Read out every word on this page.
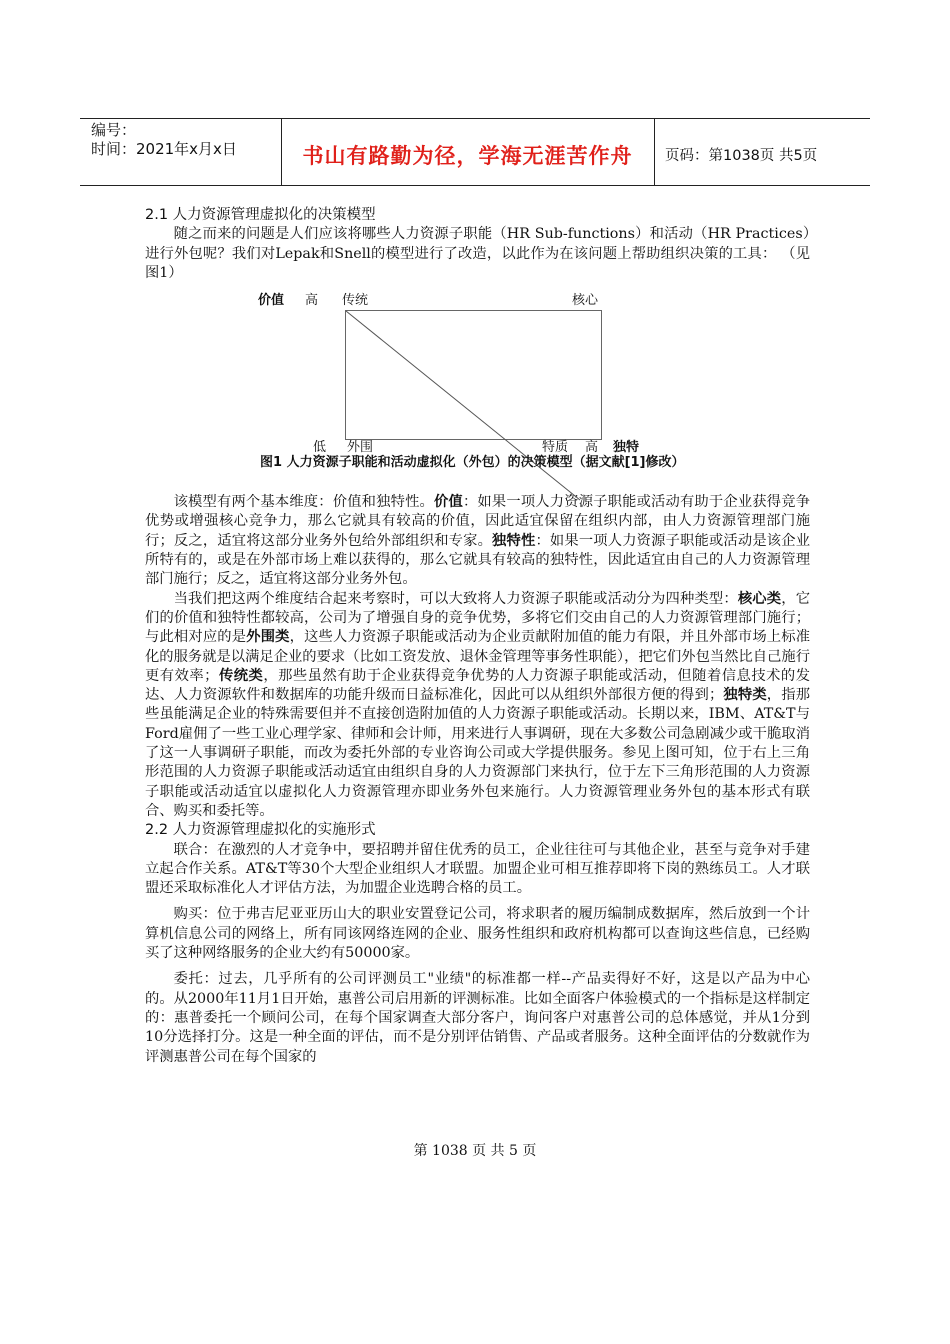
编号：
时间：2021年x月x日	书山有路勤为径，学海无涯苦作舟	页码：第1038页 共5页
2.1 人力资源管理虚拟化的决策模型

随之而来的问题是人们应该将哪些人力资源子职能（HR Sub-functions）和活动（HR Practices）进行外包呢？我们对Lepak和Snell的模型进行了改造，以此作为在该问题上帮助组织决策的工具： （见图1）

价值 高 传统	核心
低 外围	特质 高 独特
图1 人力资源子职能和活动虚拟化（外包）的决策模型（据文献[1]修改）

该模型有两个基本维度：价值和独特性。价值：如果一项人力资源子职能或活动有助于企业获得竞争优势或增强核心竞争力，那么它就具有较高的价值，因此适宜保留在组织内部，由人力资源管理部门施行；反之，适宜将这部分业务外包给外部组织和专家。独特性：如果一项人力资源子职能或活动是该企业所特有的，或是在外部市场上难以获得的，那么它就具有较高的独特性，因此适宜由自己的人力资源管理部门施行；反之，适宜将这部分业务外包。

当我们把这两个维度结合起来考察时，可以大致将人力资源子职能或活动分为四种类型：核心类，它们的价值和独特性都较高，公司为了增强自身的竞争优势，多将它们交由自己的人力资源管理部门施行；与此相对应的是外围类，这些人力资源子职能或活动为企业贡献附加值的能力有限，并且外部市场上标准化的服务就是以满足企业的要求（比如工资发放、退休金管理等事务性职能），把它们外包当然比自己施行更有效率；传统类，那些虽然有助于企业获得竞争优势的人力资源子职能或活动，但随着信息技术的发达、人力资源软件和数据库的功能升级而日益标准化，因此可以从组织外部很方便的得到；独特类，指那些虽能满足企业的特殊需要但并不直接创造附加值的人力资源子职能或活动。长期以来，IBM、AT&T与Ford雇佣了一些工业心理学家、律师和会计师，用来进行人事调研，现在大多数公司急剧减少或干脆取消了这一人事调研子职能，而改为委托外部的专业咨询公司或大学提供服务。参见上图可知，位于右上三角形范围的人力资源子职能或活动适宜由组织自身的人力资源部门来执行，位于左下三角形范围的人力资源子职能或活动适宜以虚拟化人力资源管理亦即业务外包来施行。人力资源管理业务外包的基本形式有联合、购买和委托等。

2.2 人力资源管理虚拟化的实施形式

联合：在激烈的人才竞争中，要招聘并留住优秀的员工，企业往往可与其他企业，甚至与竞争对手建立起合作关系。AT&T等30个大型企业组织人才联盟。加盟企业可相互推荐即将下岗的熟练员工。人才联盟还采取标准化人才评估方法，为加盟企业选聘合格的员工。

购买：位于弗吉尼亚亚历山大的职业安置登记公司，将求职者的履历编制成数据库，然后放到一个计算机信息公司的网络上，所有同该网络连网的企业、服务性组织和政府机构都可以查询这些信息，已经购买了这种网络服务的企业大约有50000家。

委托：过去，几乎所有的公司评测员工"业绩"的标准都一样--产品卖得好不好，这是以产品为中心的。从2000年11月1日开始，惠普公司启用新的评测标准。比如全面客户体验模式的一个指标是这样制定的：惠普委托一个顾问公司，在每个国家调查大部分客户，询问客户对惠普公司的总体感觉，并从1分到10分选择打分。这是一种全面的评估，而不是分别评估销售、产品或者服务。这种全面评估的分数就作为评测惠普公司在每个国家的

第 1038 页 共 5 页
